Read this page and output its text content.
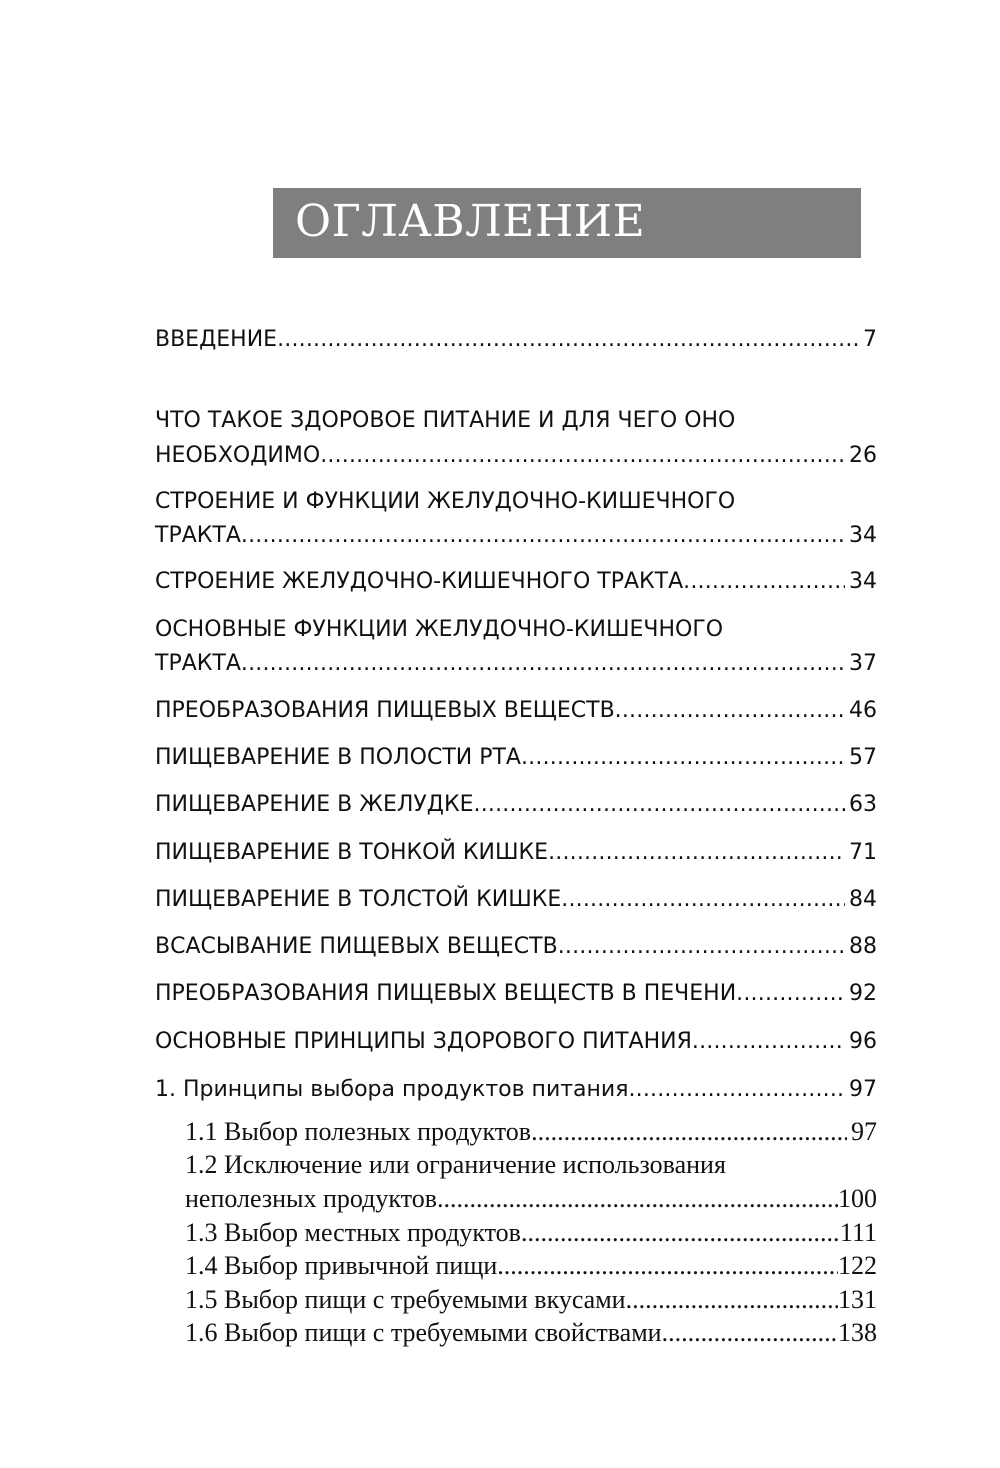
ОГЛАВЛЕНИЕ
ВВЕДЕНИЕ .....	7
ЧТО ТАКОЕ ЗДОРОВОЕ ПИТАНИЕ И ДЛЯ ЧЕГО ОНО
НЕОБХОДИМО .....	26
СТРОЕНИЕ И ФУНКЦИИ ЖЕЛУДОЧНО-КИШЕЧНОГО
ТРАКТА .....	34
СТРОЕНИЕ ЖЕЛУДОЧНО-КИШЕЧНОГО ТРАКТА .....	34
ОСНОВНЫЕ ФУНКЦИИ ЖЕЛУДОЧНО-КИШЕЧНОГО
ТРАКТА .....	37
ПРЕОБРАЗОВАНИЯ ПИЩЕВЫХ ВЕЩЕСТВ .....	46
ПИЩЕВАРЕНИЕ В ПОЛОСТИ РТА .....	57
ПИЩЕВАРЕНИЕ В ЖЕЛУДКЕ .....	63
ПИЩЕВАРЕНИЕ В ТОНКОЙ КИШКЕ .....	71
ПИЩЕВАРЕНИЕ В ТОЛСТОЙ КИШКЕ .....	84
ВСАСЫВАНИЕ ПИЩЕВЫХ ВЕЩЕСТВ .....	88
ПРЕОБРАЗОВАНИЯ ПИЩЕВЫХ ВЕЩЕСТВ В ПЕЧЕНИ .....	92
ОСНОВНЫЕ ПРИНЦИПЫ ЗДОРОВОГО ПИТАНИЯ .....	96
1. Принципы выбора продуктов питания .....	97
1.1 Выбор полезных продуктов .....	97
1.2 Исключение или ограничение использования
неполезных продуктов .....	100
1.3 Выбор местных продуктов .....	111
1.4 Выбор привычной пищи .....	122
1.5 Выбор пищи с требуемыми вкусами .....	131
1.6 Выбор пищи с требуемыми свойствами .....	138
